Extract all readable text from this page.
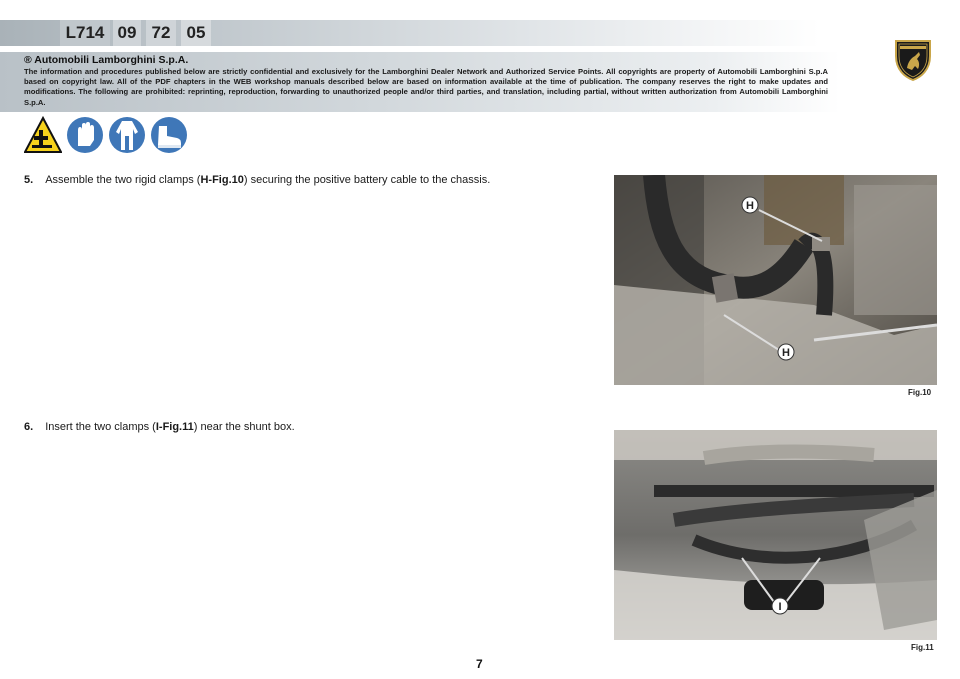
L714 09 72 05
® Automobili Lamborghini S.p.A.
The information and procedures published below are strictly confidential and exclusively for the Lamborghini Dealer Network and Authorized Service Points. All copyrights are property of Automobili Lamborghini S.p.A based on copyright law. All of the PDF chapters in the WEB workshop manuals described below are based on information available at the time of publication. The company reserves the right to make updates and modifications. The following are prohibited: reprinting, reproduction, forwarding to unauthorized people and/or third parties, and translation, including partial, without written authorization from Automobili Lamborghini S.p.A.
5. Assemble the two rigid clamps (H-Fig.10) securing the positive battery cable to the chassis.
6. Insert the two clamps (I-Fig.11) near the shunt box.
H
H
Fig.10
I
Fig.11
7
